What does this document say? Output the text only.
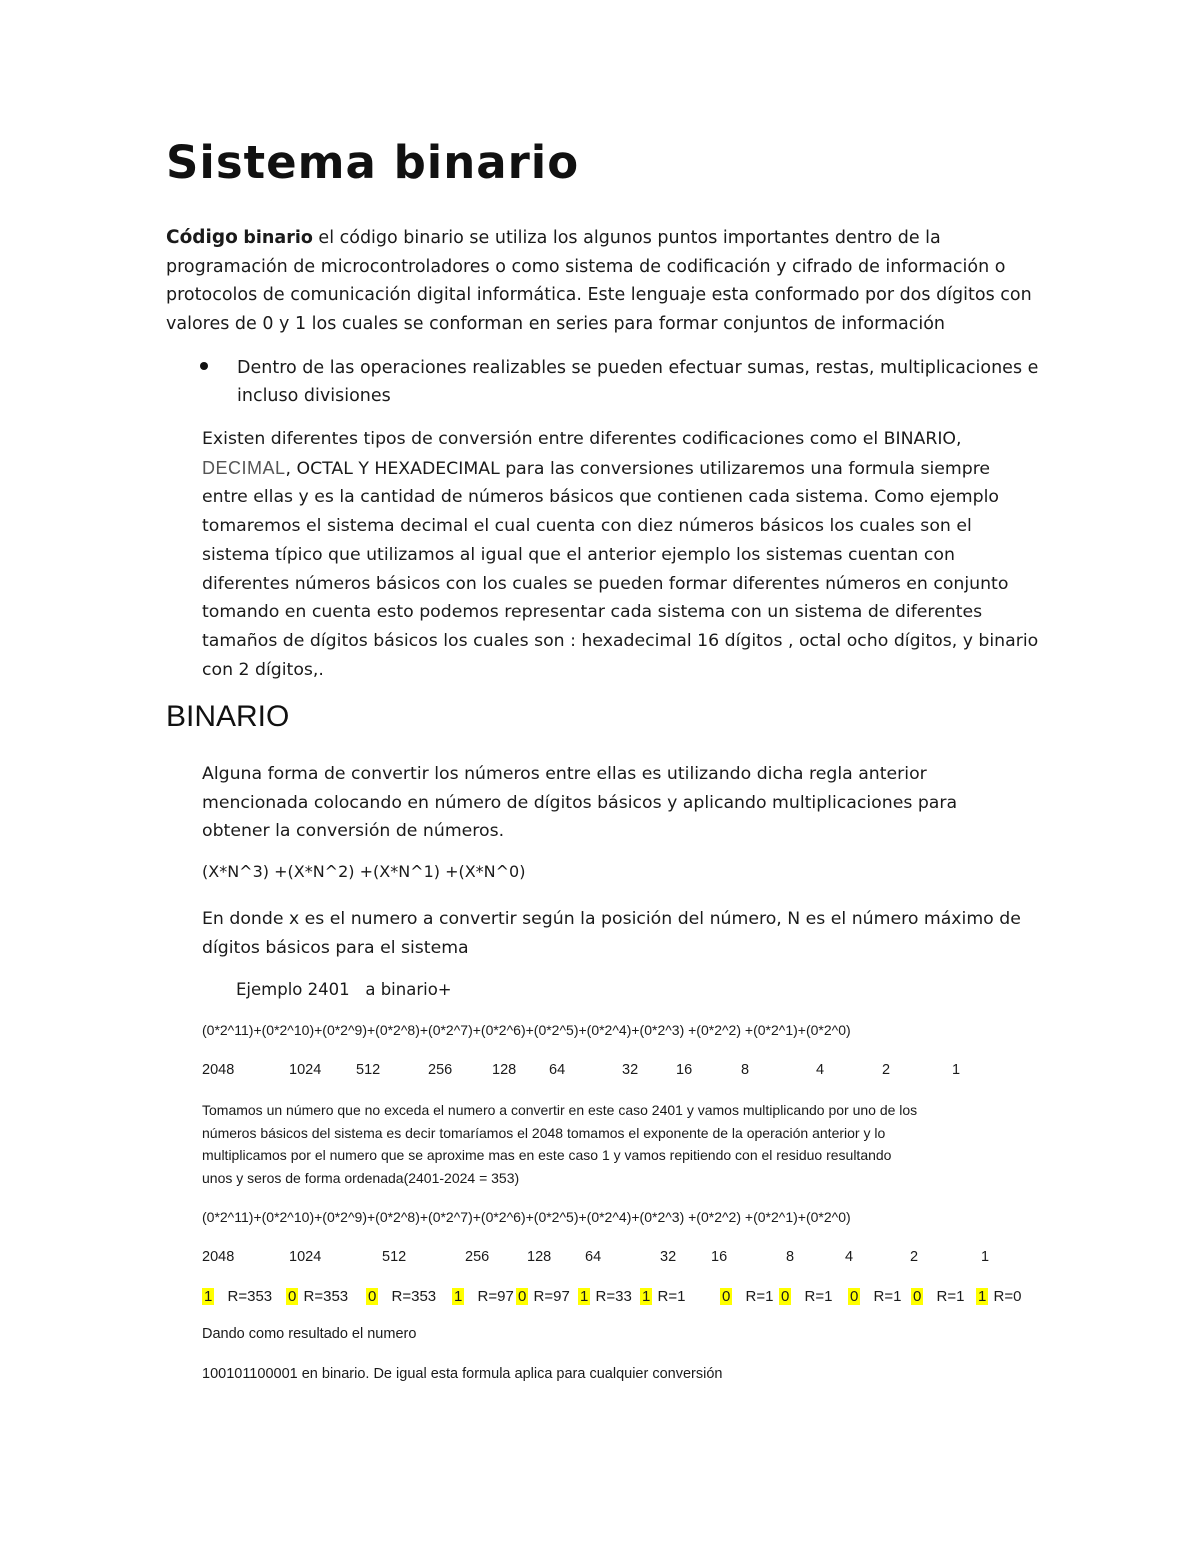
Sistema binario
Código binario el código binario se utiliza los algunos puntos importantes dentro de la
programación de microcontroladores o como sistema de codificación y cifrado de información o
protocolos de comunicación digital informática. Este lenguaje esta conformado por dos dígitos con
valores de 0 y 1 los cuales se conforman en series para formar conjuntos de información
Dentro de las operaciones realizables se pueden efectuar sumas, restas, multiplicaciones e
incluso divisiones
Existen diferentes tipos de conversión entre diferentes codificaciones como el BINARIO,
DECIMAL, OCTAL Y HEXADECIMAL para las conversiones utilizaremos una formula siempre
entre ellas y es la cantidad de números básicos que contienen cada sistema. Como ejemplo
tomaremos el sistema decimal el cual cuenta con diez números básicos los cuales son el
sistema típico que utilizamos al igual que el anterior ejemplo los sistemas cuentan con
diferentes números básicos con los cuales se pueden formar diferentes números en conjunto
tomando en cuenta esto podemos representar cada sistema con un sistema de diferentes
tamaños de dígitos básicos los cuales son : hexadecimal 16 dígitos , octal ocho dígitos, y binario
con 2 dígitos,.
BINARIO
Alguna forma de convertir los números entre ellas es utilizando dicha regla anterior
mencionada colocando en número de dígitos básicos y aplicando multiplicaciones para
obtener la conversión de números.
(X*N^3) +(X*N^2) +(X*N^1) +(X*N^0)
En donde x es el numero a convertir según la posición del número, N es el número máximo de
dígitos básicos para el sistema
Ejemplo 2401   a binario+
(0*2^11)+(0*2^10)+(0*2^9)+(0*2^8)+(0*2^7)+(0*2^6)+(0*2^5)+(0*2^4)+(0*2^3) +(0*2^2) +(0*2^1)+(0*2^0)
Tomamos un número que no exceda el numero a convertir en este caso 2401 y vamos multiplicando por uno de los
números básicos del sistema es decir tomaríamos el 2048 tomamos el exponente de la operación anterior y lo
multiplicamos por el numero que se aproxime mas en este caso 1 y vamos repitiendo con el residuo resultando
unos y seros de forma ordenada(2401-2024 = 353)
(0*2^11)+(0*2^10)+(0*2^9)+(0*2^8)+(0*2^7)+(0*2^6)+(0*2^5)+(0*2^4)+(0*2^3) +(0*2^2) +(0*2^1)+(0*2^0)
Dando como resultado el numero
100101100001 en binario. De igual esta formula aplica para cualquier conversión
2048	1024 512	256	128 64	32	16	8	4	2	1
2048	1024	512	256	128 64	32 16	8	4	2	1
1 R=353 0 R=353 0 R=353 1 R=97 0 R=97 1 R=33 1 R=1 0 R=1 0 R=1 0 R=1 0 R=1 1 R=0
